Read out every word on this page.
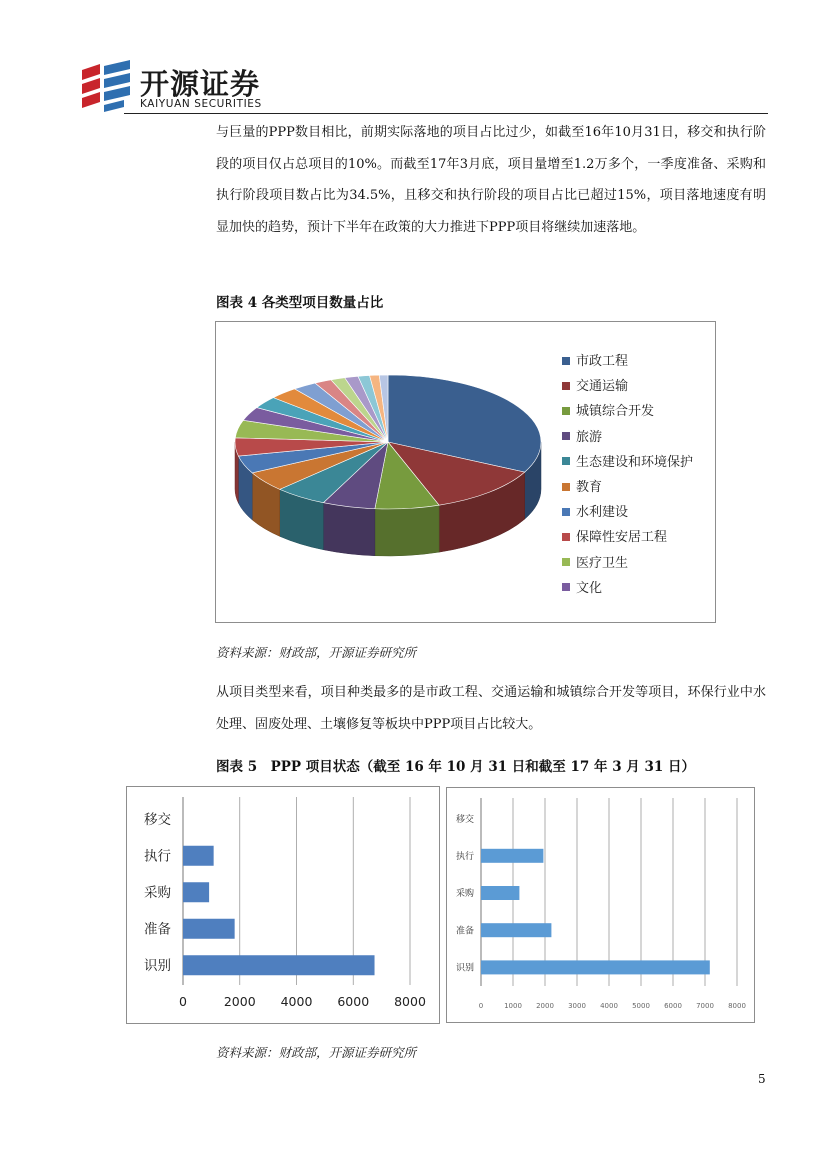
开源证券
KAIYUAN SECURITIES
与巨量的PPP数目相比，前期实际落地的项目占比过少，如截至16年10月31日，移交和执行阶段的项目仅占总项目的10%。而截至17年3月底，项目量增至1.2万多个，一季度准备、采购和执行阶段项目数占比为34.5%，且移交和执行阶段的项目占比已超过15%，项目落地速度有明显加快的趋势，预计下半年在政策的大力推进下PPP项目将继续加速落地。
图表 4 各类型项目数量占比
市政工程
交通运输
城镇综合开发
旅游
生态建设和环境保护
教育
水利建设
保障性安居工程
医疗卫生
文化
资料来源：财政部，开源证券研究所
从项目类型来看，项目种类最多的是市政工程、交通运输和城镇综合开发等项目，环保行业中水处理、固废处理、土壤修复等板块中PPP项目占比较大。
图表 5　PPP 项目状态（截至 16 年 10 月 31 日和截至 17 年 3 月 31 日）
0	2000 4000 6000 8000
识别
准备
采购
执行
移交
0	1000 2000 3000 4000 5000 6000 7000 8000
识别
准备
采购
执行
移交
资料来源：财政部，开源证券研究所
5
